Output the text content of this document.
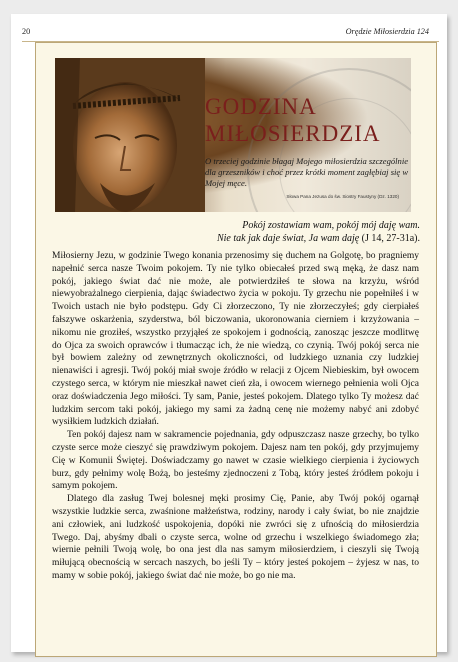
20	Orędzie Miłosierdzia 124
GODZINA
MIŁOSIERDZIA
O trzeciej godzinie błagaj Mojego miłosierdzia szczególnie dla grzeszników i choć przez krótki moment zagłębiaj się w Mojej męce.
Słowa Pana Jezusa do św. Siostry Faustyny (Dz. 1320)
Pokój zostawiam wam, pokój mój daję wam.
Nie tak jak daje świat, Ja wam daję (J 14, 27-31a).

Miłosierny Jezu, w godzinie Twego konania przenosimy się duchem na Golgotę, bo pragniemy napełnić serca nasze Twoim pokojem. Ty nie tylko obiecałeś przed swą męką, że dasz nam pokój, jakiego świat dać nie może, ale potwierdziłeś te słowa na krzyżu, wśród niewyobrażalnego cierpienia, dając świadectwo życia w pokoju. Ty grzechu nie popełniłeś i w Twoich ustach nie było podstępu. Gdy Ci złorzeczono, Ty nie złorzeczyłeś; gdy cierpiałeś fałszywe oskarżenia, szyderstwa, ból biczowania, ukoronowania cierniem i krzyżowania – nikomu nie groziłeś, wszystko przyjąłeś ze spokojem i godnością, zanosząc jeszcze modlitwę do Ojca za swoich oprawców i tłumacząc ich, że nie wiedzą, co czynią. Twój pokój serca nie był bowiem zależny od zewnętrznych okoliczności, od ludzkiego uznania czy ludzkiej nienawiści i agresji. Twój pokój miał swoje źródło w relacji z Ojcem Niebieskim, był owocem czystego serca, w którym nie mieszkał nawet cień zła, i owocem wiernego pełnienia woli Ojca oraz doświadczenia Jego miłości. Ty sam, Panie, jesteś pokojem. Dlatego tylko Ty możesz dać ludzkim sercom taki pokój, jakiego my sami za żadną cenę nie możemy nabyć ani zdobyć wysiłkiem ludzkich działań.

Ten pokój dajesz nam w sakramencie pojednania, gdy odpuszczasz nasze grzechy, bo tylko czyste serce może cieszyć się prawdziwym pokojem. Dajesz nam ten pokój, gdy przyjmujemy Cię w Komunii Świętej. Doświadczamy go nawet w czasie wielkiego cierpienia i życiowych burz, gdy pełnimy wolę Bożą, bo jesteśmy zjednoczeni z Tobą, który jesteś źródłem pokoju i samym pokojem.

Dlatego dla zasług Twej bolesnej męki prosimy Cię, Panie, aby Twój pokój ogarnął wszystkie ludzkie serca, zwaśnione małżeństwa, rodziny, narody i cały świat, bo nie znajdzie ani człowiek, ani ludzkość uspokojenia, dopóki nie zwróci się z ufnością do miłosierdzia Twego. Daj, abyśmy dbali o czyste serca, wolne od grzechu i wszelkiego świadomego zła; wiernie pełnili Twoją wolę, bo ona jest dla nas samym miłosierdziem, i cieszyli się Twoją miłującą obecnością w sercach naszych, bo jeśli Ty – który jesteś pokojem – żyjesz w nas, to mamy w sobie pokój, jakiego świat dać nie może, bo go nie ma.
